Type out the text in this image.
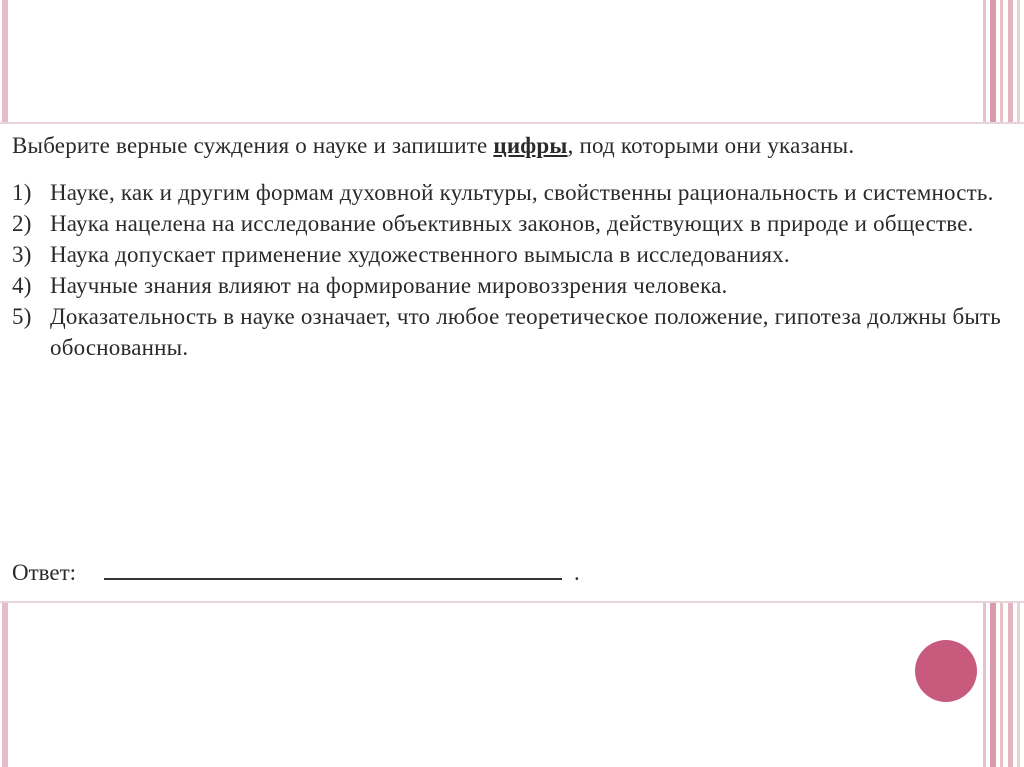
Выберите верные суждения о науке и запишите цифры, под которыми они указаны.

1) Науке, как и другим формам духовной культуры, свойственны рациональность и системность.
2) Наука нацелена на исследование объективных законов, действующих в природе и обществе.
3) Наука допускает применение художественного вымысла в исследованиях.
4) Научные знания влияют на формирование мировоззрения человека.
5) Доказательность в науке означает, что любое теоретическое положение, гипотеза должны быть обоснованны.
Ответ:	.
